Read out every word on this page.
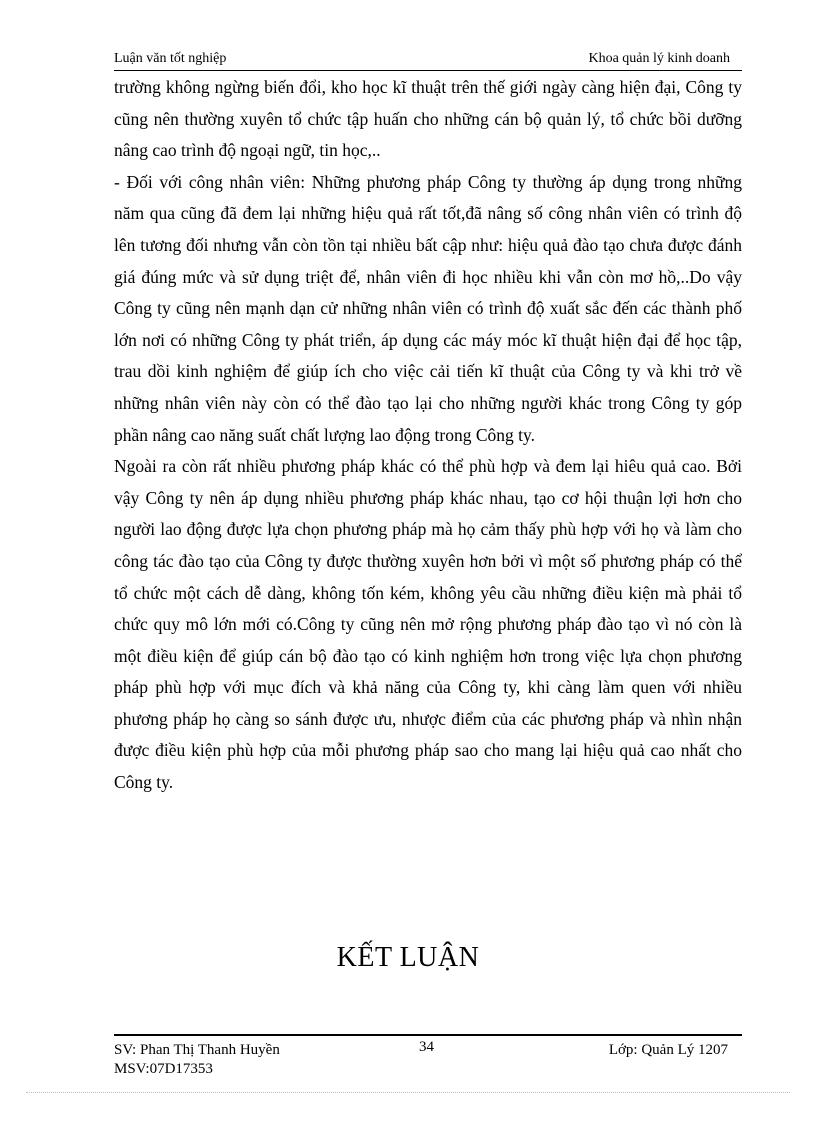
Luận văn tốt nghiệp	Khoa quản lý kinh doanh

trường không ngừng biến đổi, kho học kĩ thuật trên thế giới ngày càng hiện đại, Công ty cũng nên thường xuyên tổ chức tập huấn cho những cán bộ quản lý, tổ chức bồi dưỡng nâng cao trình độ ngoại ngữ, tin học,..

- Đối với công nhân viên: Những phương pháp Công ty thường áp dụng trong những năm qua cũng đã đem lại những hiệu quả rất tốt,đã nâng số công nhân viên có trình độ lên tương đối nhưng vẫn còn tồn tại nhiều bất cập như: hiệu quả đào tạo chưa được đánh giá đúng mức và sử dụng triệt để, nhân viên đi học nhiều khi vẫn còn mơ hồ,..Do vậy Công ty cũng nên mạnh dạn cử những nhân viên có trình độ xuất sắc đến các thành phố lớn nơi có những Công ty phát triển, áp dụng các máy móc kĩ thuật hiện đại để học tập, trau dồi kinh nghiệm để giúp ích cho việc cải tiến kĩ thuật của Công ty và khi trở về những nhân viên này còn có thể đào tạo lại cho những người khác trong Công ty góp phần nâng cao năng suất chất lượng lao động trong Công ty.

Ngoài ra còn rất nhiều phương pháp khác có thể phù hợp và đem lại hiêu quả cao. Bởi vậy Công ty nên áp dụng nhiều phương pháp khác nhau, tạo cơ hội thuận lợi hơn cho người lao động được lựa chọn phương pháp mà họ cảm thấy phù hợp với họ và làm cho công tác đào tạo của Công ty được thường xuyên hơn bởi vì một số phương pháp có thể tổ chức một cách dễ dàng, không tốn kém, không yêu cầu những điều kiện mà phải tổ chức quy mô lớn mới có.Công ty cũng nên mở rộng phương pháp đào tạo vì nó còn là một điều kiện để giúp cán bộ đào tạo có kinh nghiệm hơn trong việc lựa chọn phương pháp phù hợp với mục đích và khả năng của Công ty, khi càng làm quen với nhiều phương pháp họ càng so sánh được ưu, nhược điểm của các phương pháp và nhìn nhận được điều kiện phù hợp của mỗi phương pháp sao cho mang lại hiệu quả cao nhất cho Công ty.

KẾT LUẬN
SV: Phan Thị Thanh Huyền
MSV:07D17353
34	Lớp: Quản Lý 1207
